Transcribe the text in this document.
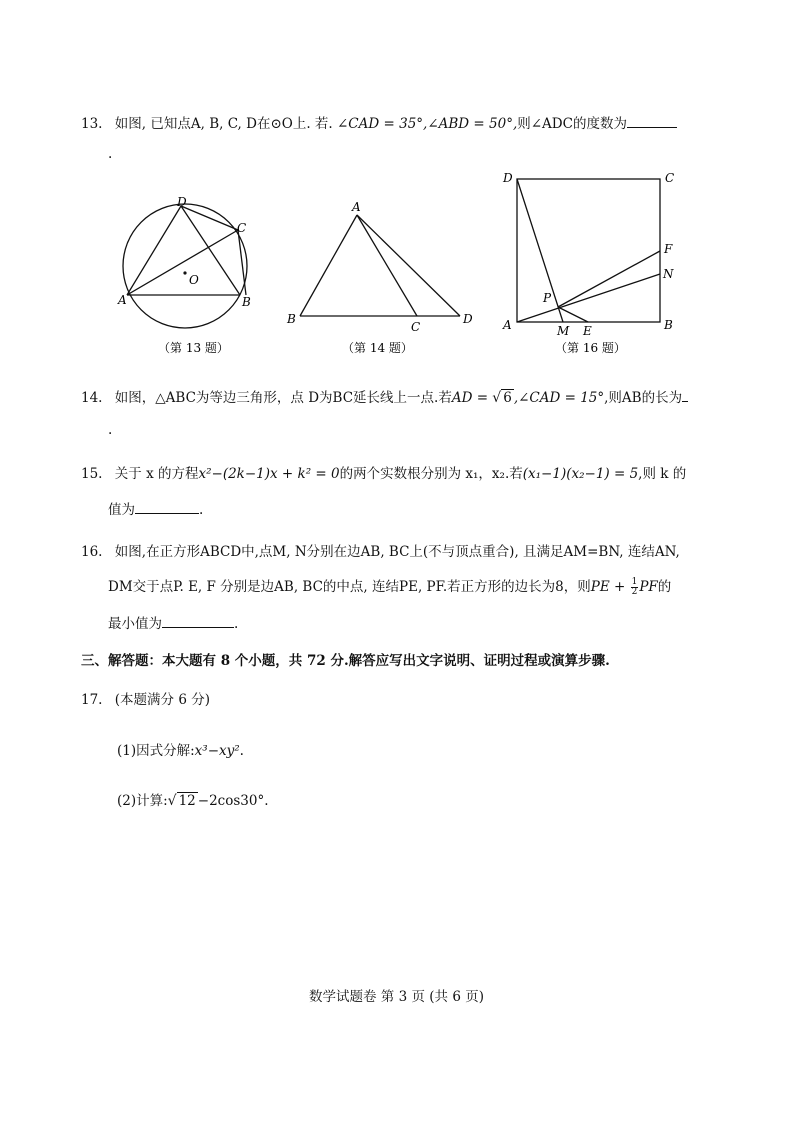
13. 如图, 已知点A, B, C, D在⊙O上. 若. ∠CAD = 35°,∠ABD = 50°,则∠ADC的度数为
.
D
C
A	B
O
（第 13 题）
A
B
C
D
（第 14 题）
D	C
F
N
P
A	B
M E
（第 16 题）
14. 如图，△ABC为等边三角形，点 D为BC延长线上一点.若AD = √ 6 ,∠CAD = 15°,则AB的长为
.
15. 关于 x 的方程x²−(2k−1)x + k² = 0的两个实数根分别为 x₁，x₂.若(x₁−1)(x₂−1) = 5,则 k 的
值为	.
16. 如图,在正方形ABCD中,点M, N分别在边AB, BC上(不与顶点重合), 且满足AM=BN, 连结AN,
DM交于点P. E, F 分别是边AB, BC的中点, 连结PE, PF.若正方形的边长为8，则PE + $\frac{1}{2}$ PF的
最小值为	.
三、解答题：本大题有 8 个小题，共 72 分.解答应写出文字说明、证明过程或演算步骤.
17. (本题满分 6 分)
(1)因式分解:x³−xy².
(2)计算:√ 12 −2cos30°.
数学试题卷 第 3 页 (共 6 页)
